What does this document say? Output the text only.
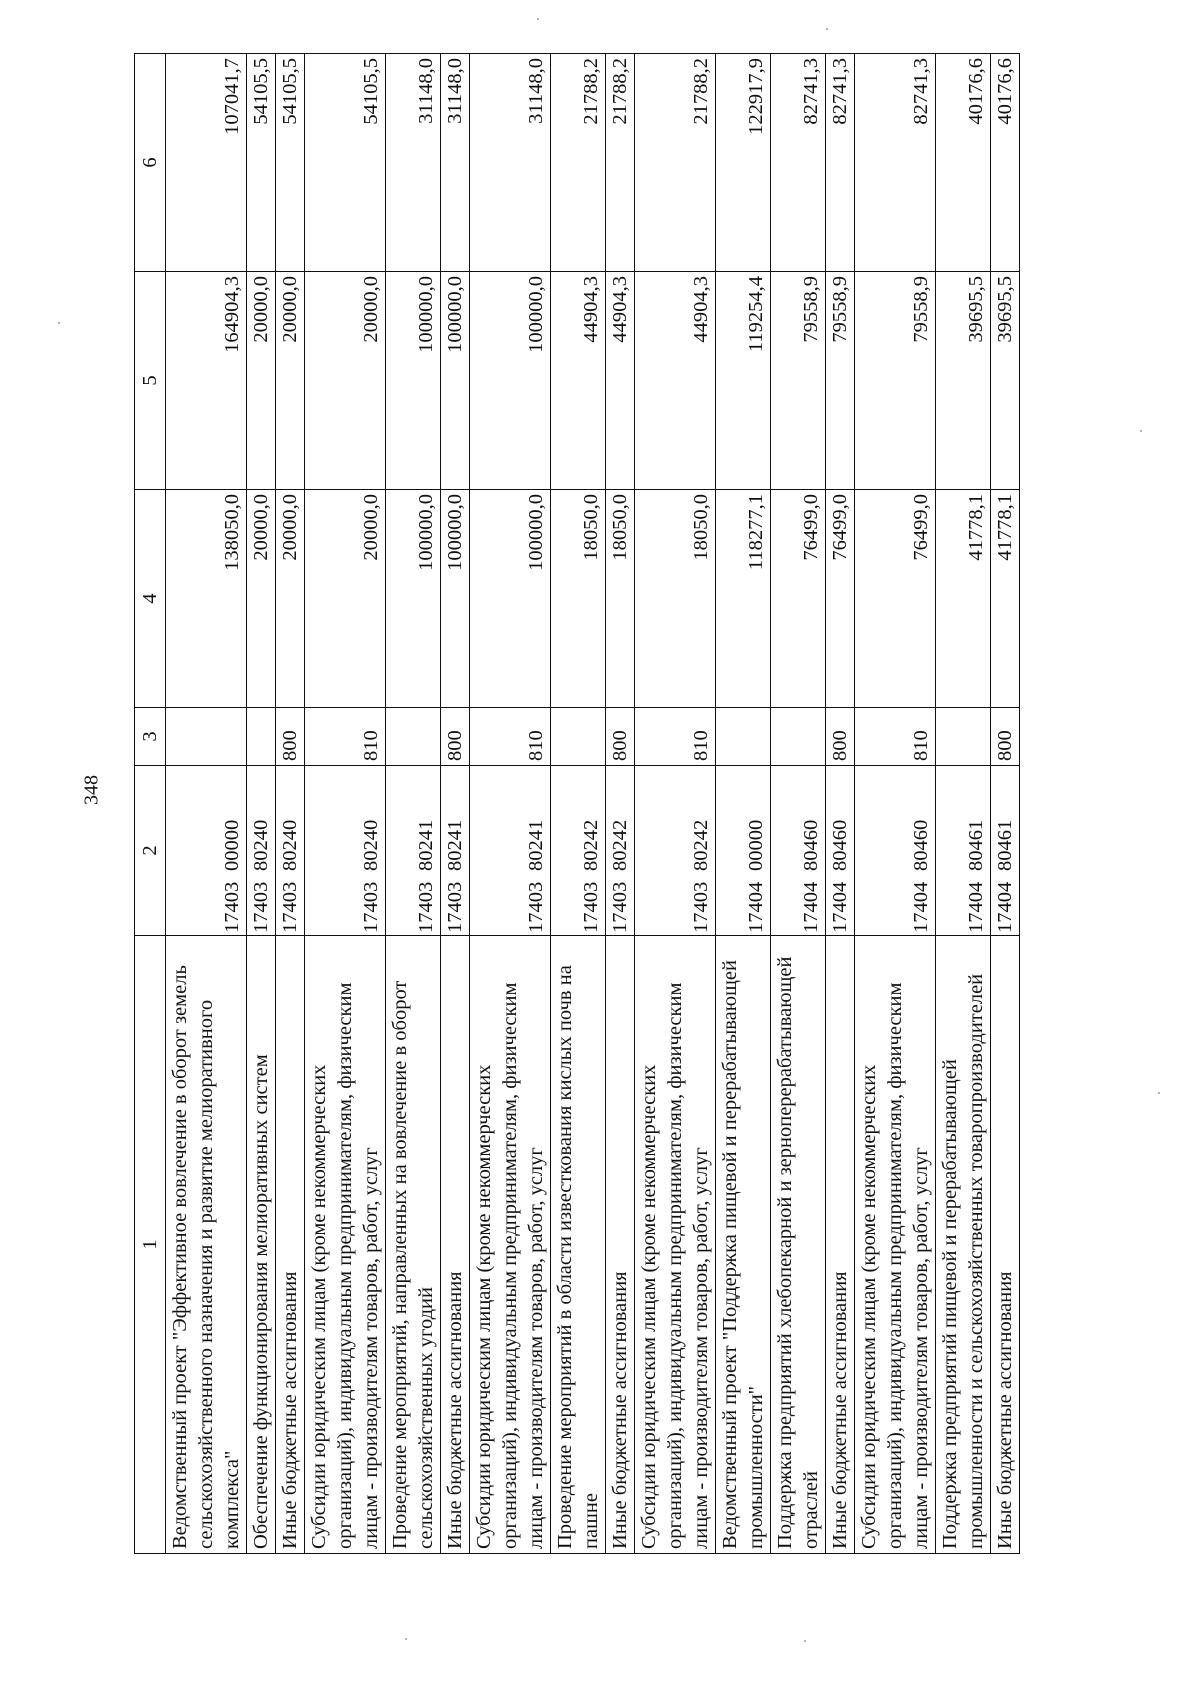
348
1	2	3	4	5	6
Ведомственный проект "Эффективное вовлечение в оборот земель сельскохозяйственного назначения и развитие мелиоративного комплекса"	1740300000		138050,0	164904,3	107041,7
Обеспечение функционирования мелиоративных систем	1740380240		20000,0	20000,0	54105,5
Иные бюджетные ассигнования	1740380240	800	20000,0	20000,0	54105,5
Субсидии юридическим лицам (кроме некоммерческих организаций), индивидуальным предпринимателям, физическим лицам - производителям товаров, работ, услуг	1740380240	810	20000,0	20000,0	54105,5
Проведение мероприятий, направленных на вовлечение в оборот сельскохозяйственных угодий	1740380241		100000,0	100000,0	31148,0
Иные бюджетные ассигнования	1740380241	800	100000,0	100000,0	31148,0
Субсидии юридическим лицам (кроме некоммерческих организаций), индивидуальным предпринимателям, физическим лицам - производителям товаров, работ, услуг	1740380241	810	100000,0	100000,0	31148,0
Проведение мероприятий в области известкования кислых почв на пашне	1740380242		18050,0	44904,3	21788,2
Иные бюджетные ассигнования	1740380242	800	18050,0	44904,3	21788,2
Субсидии юридическим лицам (кроме некоммерческих организаций), индивидуальным предпринимателям, физическим лицам - производителям товаров, работ, услуг	1740380242	810	18050,0	44904,3	21788,2
Ведомственный проект "Поддержка пищевой и перерабатывающей промышленности"	1740400000		118277,1	119254,4	122917,9
Поддержка предприятий хлебопекарной и зерноперерабатывающей отраслей	1740480460		76499,0	79558,9	82741,3
Иные бюджетные ассигнования	1740480460	800	76499,0	79558,9	82741,3
Субсидии юридическим лицам (кроме некоммерческих организаций), индивидуальным предпринимателям, физическим лицам - производителям товаров, работ, услуг	1740480460	810	76499,0	79558,9	82741,3
Поддержка предприятий пищевой и перерабатывающей промышленности и сельскохозяйственных товаропроизводителей	1740480461		41778,1	39695,5	40176,6
Иные бюджетные ассигнования	1740480461	800	41778,1	39695,5	40176,6
